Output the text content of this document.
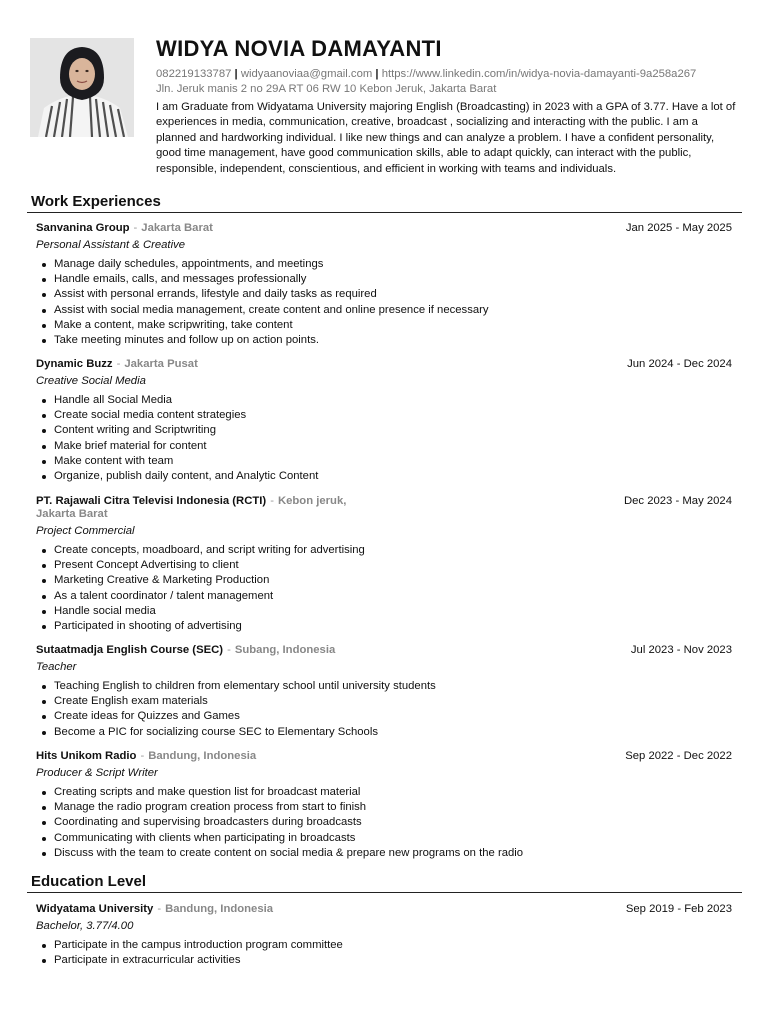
WIDYA NOVIA DAMAYANTI
082219133787 | widyaanoviaa@gmail.com | https://www.linkedin.com/in/widya-novia-damayanti-9a258a267
Jln. Jeruk manis 2 no 29A RT 06 RW 10 Kebon Jeruk, Jakarta Barat
I am Graduate from Widyatama University majoring English (Broadcasting) in 2023 with a GPA of 3.77. Have a lot of experiences in media, communication, creative, broadcast , socializing and interacting with the public. I am a planned and hardworking individual. I like new things and can analyze a problem. I have a confident personality, good time management, have good communication skills, able to adapt quickly, can interact with the public, responsible, independent, conscientious, and efficient in working with teams and individuals.
Work Experiences
Sanvanina Group - Jakarta Barat	Jan 2025 - May 2025
Personal Assistant & Creative
Manage daily schedules, appointments, and meetings
Handle emails, calls, and messages professionally
Assist with personal errands, lifestyle and daily tasks as required
Assist with social media management, create content and online presence if necessary
Make a content, make scripwriting, take content
Take meeting minutes and follow up on action points.
Dynamic Buzz - Jakarta Pusat	Jun 2024 - Dec 2024
Creative Social Media
Handle all Social Media
Create social media content strategies
Content writing and Scriptwriting
Make brief material for content
Make content with team
Organize, publish daily content, and Analytic Content
PT. Rajawali Citra Televisi Indonesia (RCTI) - Kebon jeruk, Jakarta Barat
Dec 2023 - May 2024
Project Commercial
Create concepts, moadboard, and script writing for advertising
Present Concept Advertising to client
Marketing Creative & Marketing Production
As a talent coordinator / talent management
Handle social media
Participated in shooting of advertising
Sutaatmadja English Course (SEC) - Subang, Indonesia	Jul 2023 - Nov 2023
Teacher
Teaching English to children from elementary school until university students
Create English exam materials
Create ideas for Quizzes and Games
Become a PIC for socializing course SEC to Elementary Schools
Hits Unikom Radio - Bandung, Indonesia	Sep 2022 - Dec 2022
Producer & Script Writer
Creating scripts and make question list for broadcast material
Manage the radio program creation process from start to finish
Coordinating and supervising broadcasters during broadcasts
Communicating with clients when participating in broadcasts
Discuss with the team to create content on social media & prepare new programs on the radio
Education Level
Widyatama University - Bandung, Indonesia	Sep 2019 - Feb 2023
Bachelor, 3.77/4.00
Participate in the campus introduction program committee
Participate in extracurricular activities
